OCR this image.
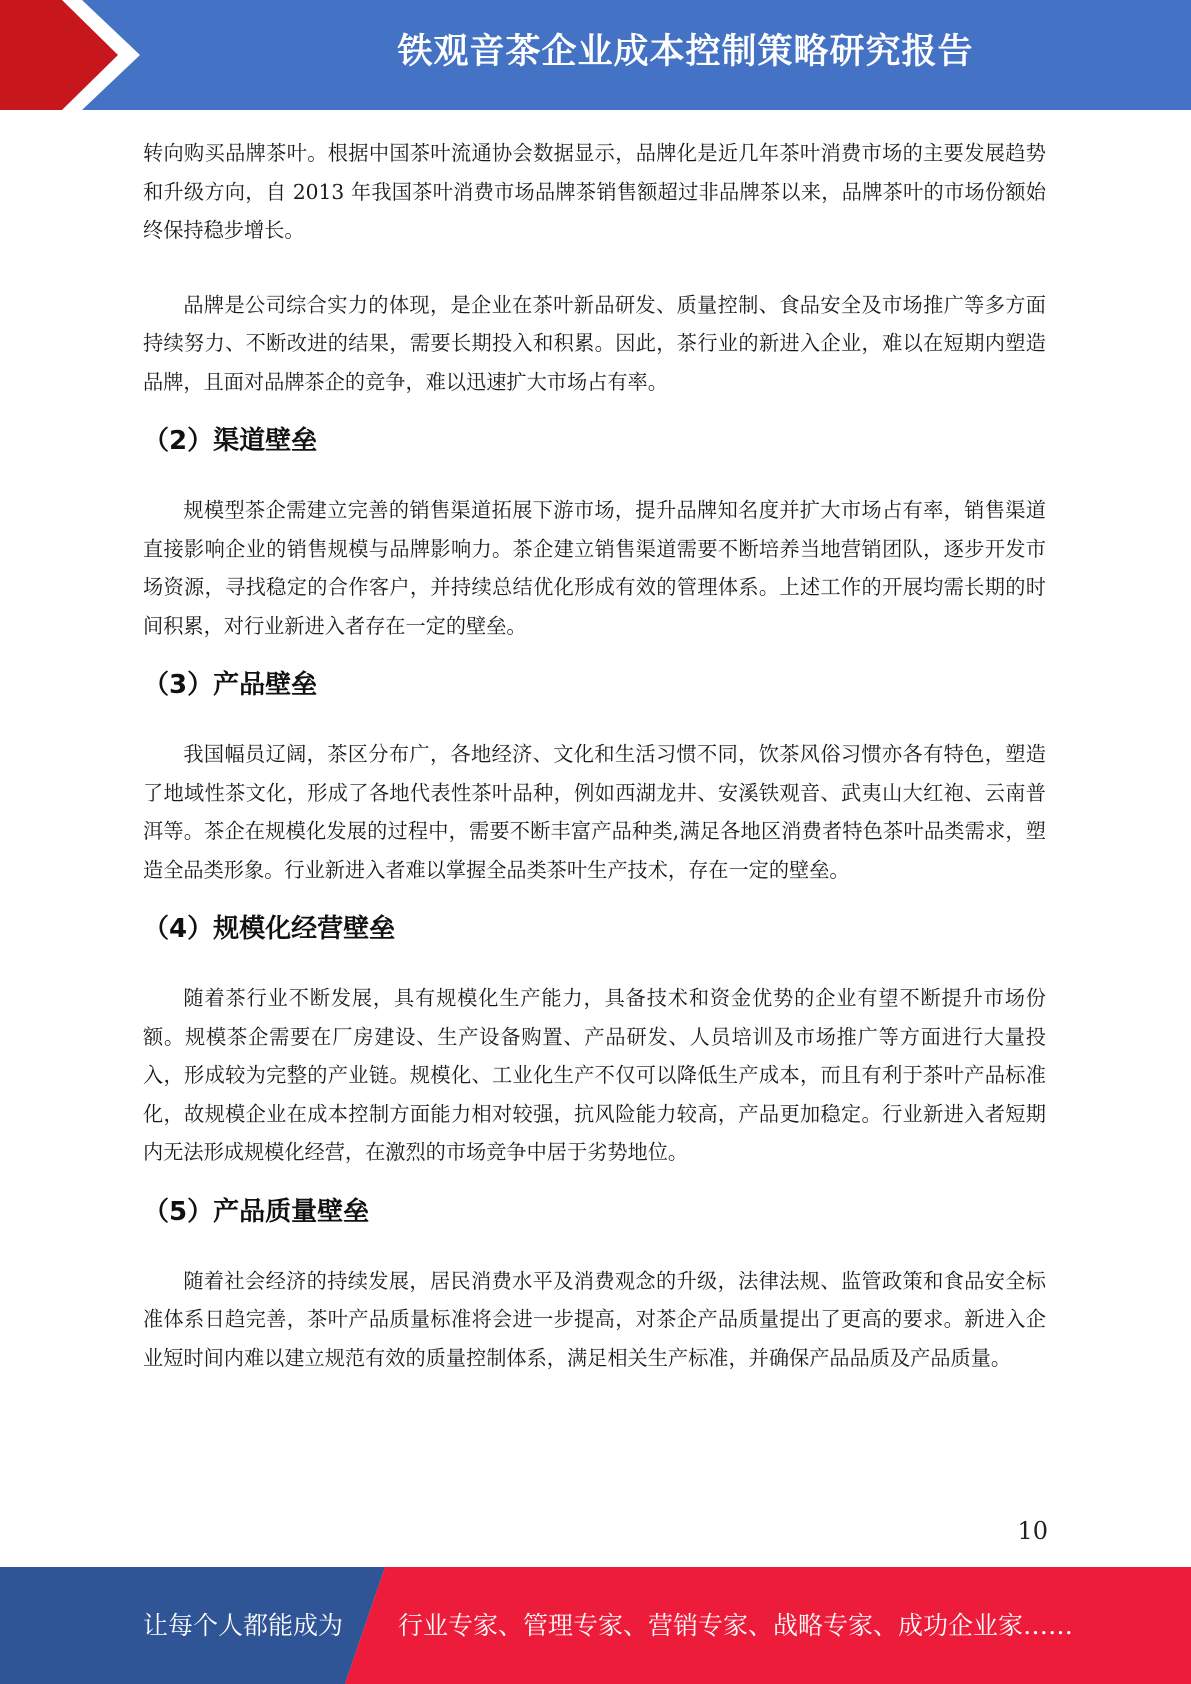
铁观音茶企业成本控制策略研究报告

转向购买品牌茶叶。根据中国茶叶流通协会数据显示，品牌化是近几年茶叶消费市场的主要发展趋势和升级方向，自 2013 年我国茶叶消费市场品牌茶销售额超过非品牌茶以来，品牌茶叶的市场份额始终保持稳步增长。

品牌是公司综合实力的体现，是企业在茶叶新品研发、质量控制、食品安全及市场推广等多方面持续努力、不断改进的结果，需要长期投入和积累。因此，茶行业的新进入企业，难以在短期内塑造品牌，且面对品牌茶企的竞争，难以迅速扩大市场占有率。

（2）渠道壁垒

规模型茶企需建立完善的销售渠道拓展下游市场，提升品牌知名度并扩大市场占有率，销售渠道直接影响企业的销售规模与品牌影响力。茶企建立销售渠道需要不断培养当地营销团队，逐步开发市场资源，寻找稳定的合作客户，并持续总结优化形成有效的管理体系。上述工作的开展均需长期的时间积累，对行业新进入者存在一定的壁垒。

（3）产品壁垒

我国幅员辽阔，茶区分布广，各地经济、文化和生活习惯不同，饮茶风俗习惯亦各有特色，塑造了地域性茶文化，形成了各地代表性茶叶品种，例如西湖龙井、安溪铁观音、武夷山大红袍、云南普洱等。茶企在规模化发展的过程中，需要不断丰富产品种类,满足各地区消费者特色茶叶品类需求，塑造全品类形象。行业新进入者难以掌握全品类茶叶生产技术，存在一定的壁垒。

（4）规模化经营壁垒

随着茶行业不断发展，具有规模化生产能力，具备技术和资金优势的企业有望不断提升市场份额。规模茶企需要在厂房建设、生产设备购置、产品研发、人员培训及市场推广等方面进行大量投入，形成较为完整的产业链。规模化、工业化生产不仅可以降低生产成本，而且有利于茶叶产品标准化，故规模企业在成本控制方面能力相对较强，抗风险能力较高，产品更加稳定。行业新进入者短期内无法形成规模化经营，在激烈的市场竞争中居于劣势地位。

（5）产品质量壁垒

随着社会经济的持续发展，居民消费水平及消费观念的升级，法律法规、监管政策和食品安全标准体系日趋完善，茶叶产品质量标准将会进一步提高，对茶企产品质量提出了更高的要求。新进入企业短时间内难以建立规范有效的质量控制体系，满足相关生产标准，并确保产品品质及产品质量。

10
让每个人都能成为 行业专家、管理专家、营销专家、战略专家、成功企业家……
